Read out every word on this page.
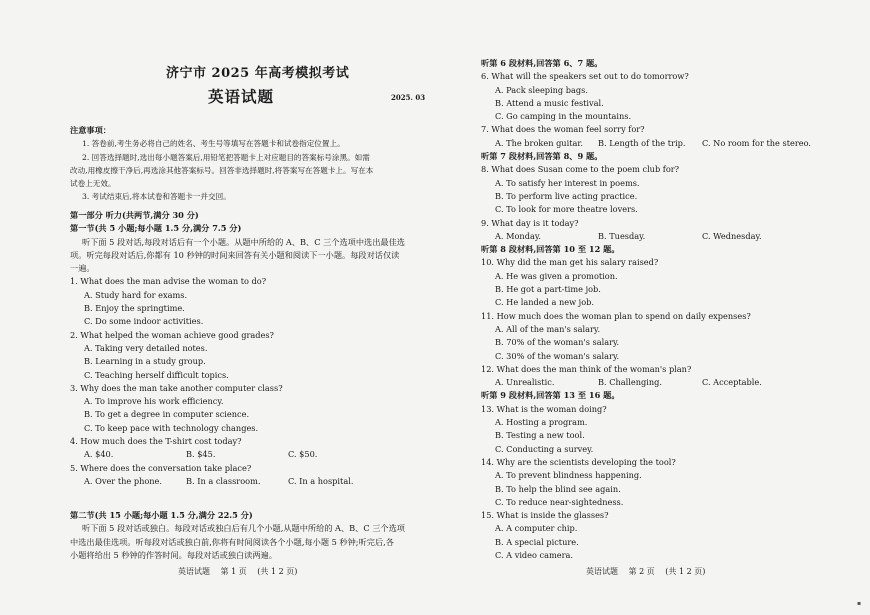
济宁市 2025 年高考模拟考试
英语试题	2025. 03

注意事项：

1. 答卷前,考生务必将自己的姓名、考生号等填写在答题卡和试卷指定位置上。

2. 回答选择题时,选出每小题答案后,用铅笔把答题卡上对应题目的答案标号涂黑。如需

改动,用橡皮擦干净后,再选涂其他答案标号。回答非选择题时,将答案写在答题卡上。写在本

试卷上无效。

3. 考试结束后,将本试卷和答题卡一并交回。

第一部分 听力(共两节,满分 30 分)

第一节(共 5 小题;每小题 1.5 分,满分 7.5 分)

听下面 5 段对话,每段对话后有一个小题。从题中所给的 A、B、C 三个选项中选出最佳选

项。听完每段对话后,你都有 10 秒钟的时间来回答有关小题和阅读下一小题。每段对话仅读

一遍。

1. What does the man advise the woman to do?

A. Study hard for exams.

B. Enjoy the springtime.

C. Do some indoor activities.

2. What helped the woman achieve good grades?

A. Taking very detailed notes.

B. Learning in a study group.

C. Teaching herself difficult topics.

3. Why does the man take another computer class?

A. To improve his work efficiency.

B. To get a degree in computer science.

C. To keep pace with technology changes.

4. How much does the T-shirt cost today?

A. $40.	B. $45.	C. $50.

5. Where does the conversation take place?

A. Over the phone.	B. In a classroom.	C. In a hospital.

第二节(共 15 小题;每小题 1.5 分,满分 22.5 分)

听下面 5 段对话或独白。每段对话或独白后有几个小题,从题中所给的 A、B、C 三个选项

中选出最佳选项。听每段对话或独白前,你将有时间阅读各个小题,每小题 5 秒钟;听完后,各

小题将给出 5 秒钟的作答时间。每段对话或独白读两遍。

英语试题 第 1 页 (共 1 2 页)

听第 6 段材料,回答第 6、7 题。

6. What will the speakers set out to do tomorrow?

A. Pack sleeping bags.

B. Attend a music festival.

C. Go camping in the mountains.

7. What does the woman feel sorry for?

A. The broken guitar.	B. Length of the trip.	C. No room for the stereo.

听第 7 段材料,回答第 8、9 题。

8. What does Susan come to the poem club for?

A. To satisfy her interest in poems.

B. To perform live acting practice.

C. To look for more theatre lovers.

9. What day is it today?

A. Monday.	B. Tuesday.	C. Wednesday.

听第 8 段材料,回答第 10 至 12 题。

10. Why did the man get his salary raised?

A. He was given a promotion.

B. He got a part-time job.

C. He landed a new job.

11. How much does the woman plan to spend on daily expenses?

A. All of the man's salary.

B. 70% of the woman's salary.

C. 30% of the woman's salary.

12. What does the man think of the woman's plan?

A. Unrealistic.	B. Challenging.	C. Acceptable.

听第 9 段材料,回答第 13 至 16 题。

13. What is the woman doing?

A. Hosting a program.

B. Testing a new tool.

C. Conducting a survey.

14. Why are the scientists developing the tool?

A. To prevent blindness happening.

B. To help the blind see again.

C. To reduce near-sightedness.

15. What is inside the glasses?

A. A computer chip.

B. A special picture.

C. A video camera.

英语试题 第 2 页 (共 1 2 页)
▪
